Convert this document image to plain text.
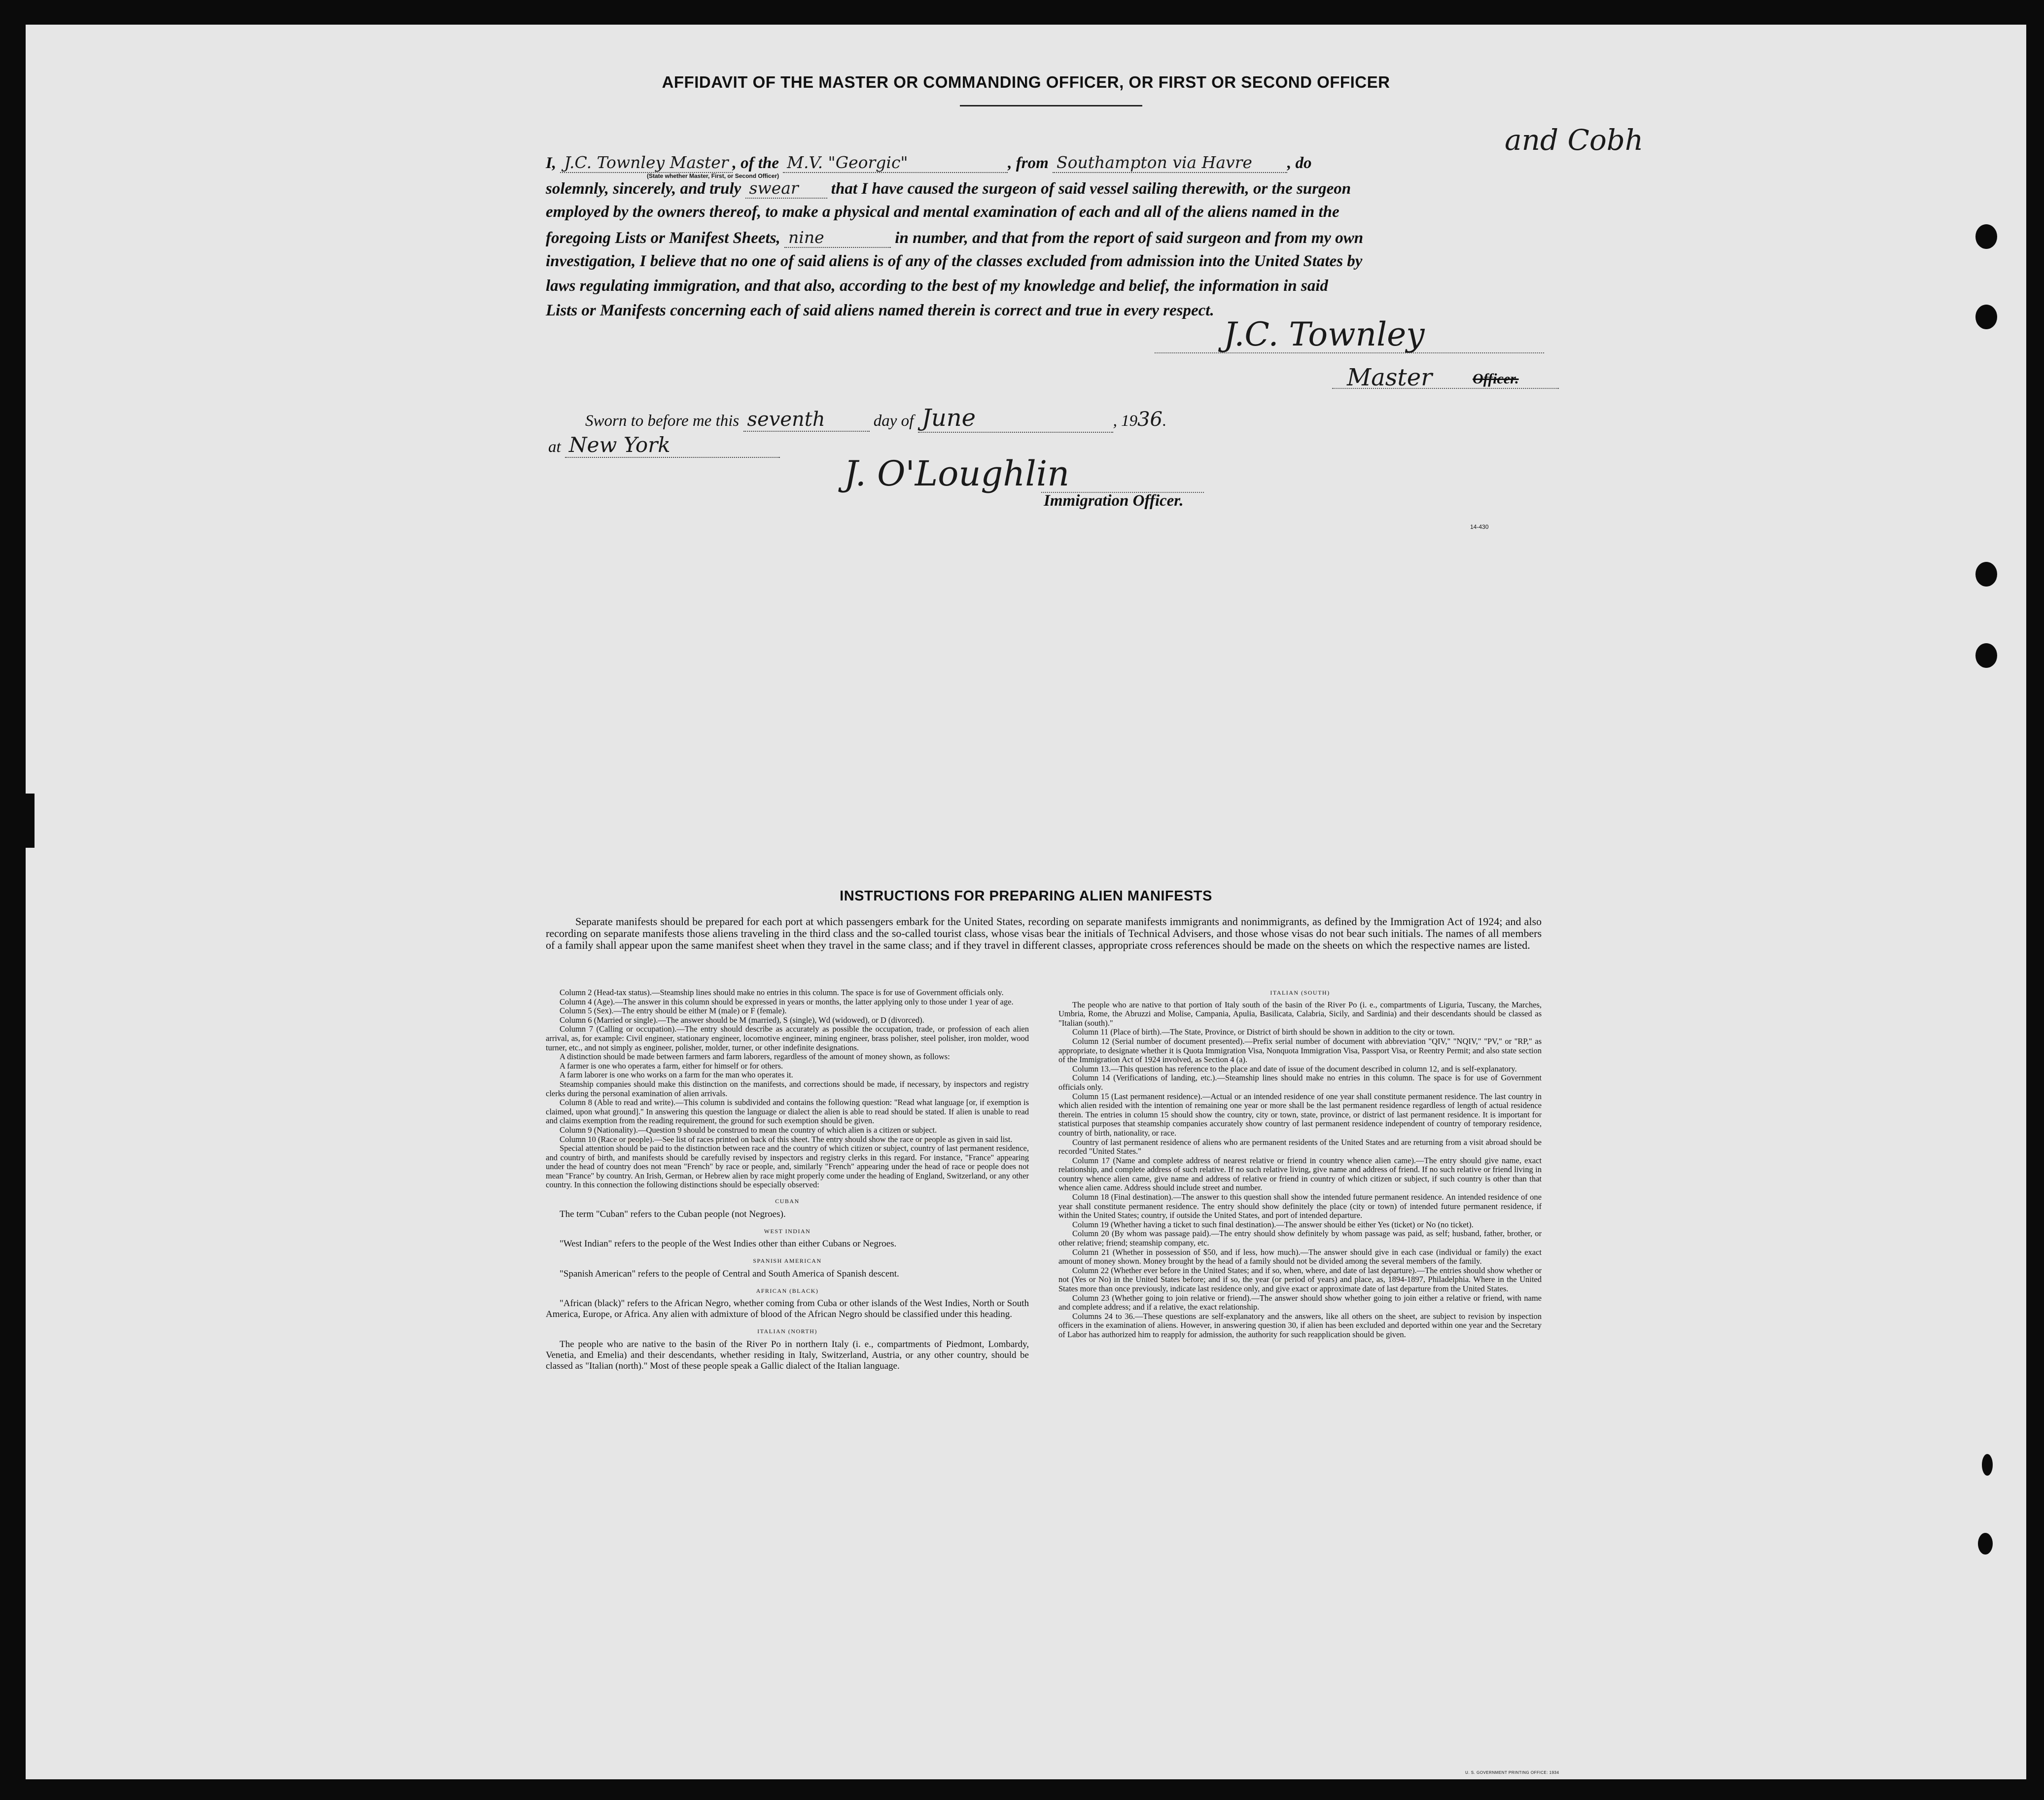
AFFIDAVIT OF THE MASTER OR COMMANDING OFFICER, OR FIRST OR SECOND OFFICER
and Cobh
I, J.C. Townley Master , of the M.V. "Georgic"	, from Southampton via Havre , do
(State whether Master, First, or Second Officer)
solemnly, sincerely, and truly swear that I have caused the surgeon of said vessel sailing therewith, or the surgeon
employed by the owners thereof, to make a physical and mental examination of each and all of the aliens named in the
foregoing Lists or Manifest Sheets, nine	in number, and that from the report of said surgeon and from my own
investigation, I believe that no one of said aliens is of any of the classes excluded from admission into the United States by
laws regulating immigration, and that also, according to the best of my knowledge and belief, the information in said
Lists or Manifests concerning each of said aliens named therein is correct and true in every respect.
J.C. Townley
Master	Officer.
Sworn to before me this seventh	day of June	, 1936.
at New York
J. O'Loughlin
Immigration Officer.
14-430
INSTRUCTIONS FOR PREPARING ALIEN MANIFESTS
Separate manifests should be prepared for each port at which passengers embark for the United States, recording on separate manifests immigrants and nonimmigrants, as defined by the Immigration Act of 1924; and also recording on separate manifests those aliens traveling in the third class and the so-called tourist class, whose visas bear the initials of Technical Advisers, and those whose visas do not bear such initials. The names of all members of a family shall appear upon the same manifest sheet when they travel in the same class; and if they travel in different classes, appropriate cross references should be made on the sheets on which the respective names are listed.

Column 2 (Head-tax status).—Steamship lines should make no entries in this column. The space is for use of Government officials only.

Column 4 (Age).—The answer in this column should be expressed in years or months, the latter applying only to those under 1 year of age.

Column 5 (Sex).—The entry should be either M (male) or F (female).

Column 6 (Married or single).—The answer should be M (married), S (single), Wd (widowed), or D (divorced).

Column 7 (Calling or occupation).—The entry should describe as accurately as possible the occupation, trade, or profession of each alien arrival, as, for example: Civil engineer, stationary engineer, locomotive engineer, mining engineer, brass polisher, steel polisher, iron molder, wood turner, etc., and not simply as engineer, polisher, molder, turner, or other indefinite designations.

A distinction should be made between farmers and farm laborers, regardless of the amount of money shown, as follows:

A farmer is one who operates a farm, either for himself or for others.

A farm laborer is one who works on a farm for the man who operates it.

Steamship companies should make this distinction on the manifests, and corrections should be made, if necessary, by inspectors and registry clerks during the personal examination of alien arrivals.

Column 8 (Able to read and write).—This column is subdivided and contains the following question: "Read what language [or, if exemption is claimed, upon what ground]." In answering this question the language or dialect the alien is able to read should be stated. If alien is unable to read and claims exemption from the reading requirement, the ground for such exemption should be given.

Column 9 (Nationality).—Question 9 should be construed to mean the country of which alien is a citizen or subject.

Column 10 (Race or people).—See list of races printed on back of this sheet. The entry should show the race or people as given in said list.

Special attention should be paid to the distinction between race and the country of which citizen or subject, country of last permanent residence, and country of birth, and manifests should be carefully revised by inspectors and registry clerks in this regard. For instance, "France" appearing under the head of country does not mean "French" by race or people, and, similarly "French" appearing under the head of race or people does not mean "France" by country. An Irish, German, or Hebrew alien by race might properly come under the heading of England, Switzerland, or any other country. In this connection the following distinctions should be especially observed:

CUBAN

The term "Cuban" refers to the Cuban people (not Negroes).

WEST INDIAN

"West Indian" refers to the people of the West Indies other than either Cubans or Negroes.

SPANISH AMERICAN

"Spanish American" refers to the people of Central and South America of Spanish descent.

AFRICAN (BLACK)

"African (black)" refers to the African Negro, whether coming from Cuba or other islands of the West Indies, North or South America, Europe, or Africa. Any alien with admixture of blood of the African Negro should be classified under this heading.

ITALIAN (NORTH)

The people who are native to the basin of the River Po in northern Italy (i. e., compartments of Piedmont, Lombardy, Venetia, and Emelia) and their descendants, whether residing in Italy, Switzerland, Austria, or any other country, should be classed as "Italian (north)." Most of these people speak a Gallic dialect of the Italian language.

ITALIAN (SOUTH)

The people who are native to that portion of Italy south of the basin of the River Po (i. e., compartments of Liguria, Tuscany, the Marches, Umbria, Rome, the Abruzzi and Molise, Campania, Apulia, Basilicata, Calabria, Sicily, and Sardinia) and their descendants should be classed as "Italian (south)."

Column 11 (Place of birth).—The State, Province, or District of birth should be shown in addition to the city or town.

Column 12 (Serial number of document presented).—Prefix serial number of document with abbreviation "QIV," "NQIV," "PV," or "RP," as appropriate, to designate whether it is Quota Immigration Visa, Nonquota Immigration Visa, Passport Visa, or Reentry Permit; and also state section of the Immigration Act of 1924 involved, as Section 4 (a).

Column 13.—This question has reference to the place and date of issue of the document described in column 12, and is self-explanatory.

Column 14 (Verifications of landing, etc.).—Steamship lines should make no entries in this column. The space is for use of Government officials only.

Column 15 (Last permanent residence).—Actual or an intended residence of one year shall constitute permanent residence. The last country in which alien resided with the intention of remaining one year or more shall be the last permanent residence regardless of length of actual residence therein. The entries in column 15 should show the country, city or town, state, province, or district of last permanent residence. It is important for statistical purposes that steamship companies accurately show country of last permanent residence independent of country of temporary residence, country of birth, nationality, or race.

Country of last permanent residence of aliens who are permanent residents of the United States and are returning from a visit abroad should be recorded "United States."

Column 17 (Name and complete address of nearest relative or friend in country whence alien came).—The entry should give name, exact relationship, and complete address of such relative. If no such relative living, give name and address of friend. If no such relative or friend living in country whence alien came, give name and address of relative or friend in country of which citizen or subject, if such country is other than that whence alien came. Address should include street and number.

Column 18 (Final destination).—The answer to this question shall show the intended future permanent residence. An intended residence of one year shall constitute permanent residence. The entry should show definitely the place (city or town) of intended future permanent residence, if within the United States; country, if outside the United States, and port of intended departure.

Column 19 (Whether having a ticket to such final destination).—The answer should be either Yes (ticket) or No (no ticket).

Column 20 (By whom was passage paid).—The entry should show definitely by whom passage was paid, as self; husband, father, brother, or other relative; friend; steamship company, etc.

Column 21 (Whether in possession of $50, and if less, how much).—The answer should give in each case (individual or family) the exact amount of money shown. Money brought by the head of a family should not be divided among the several members of the family.

Column 22 (Whether ever before in the United States; and if so, when, where, and date of last departure).—The entries should show whether or not (Yes or No) in the United States before; and if so, the year (or period of years) and place, as, 1894-1897, Philadelphia. Where in the United States more than once previously, indicate last residence only, and give exact or approximate date of last departure from the United States.

Column 23 (Whether going to join relative or friend).—The answer should show whether going to join either a relative or friend, with name and complete address; and if a relative, the exact relationship.

Columns 24 to 36.—These questions are self-explanatory and the answers, like all others on the sheet, are subject to revision by inspection officers in the examination of aliens. However, in answering question 30, if alien has been excluded and deported within one year and the Secretary of Labor has authorized him to reapply for admission, the authority for such reapplication should be given.

U. S. GOVERNMENT PRINTING OFFICE: 1934
